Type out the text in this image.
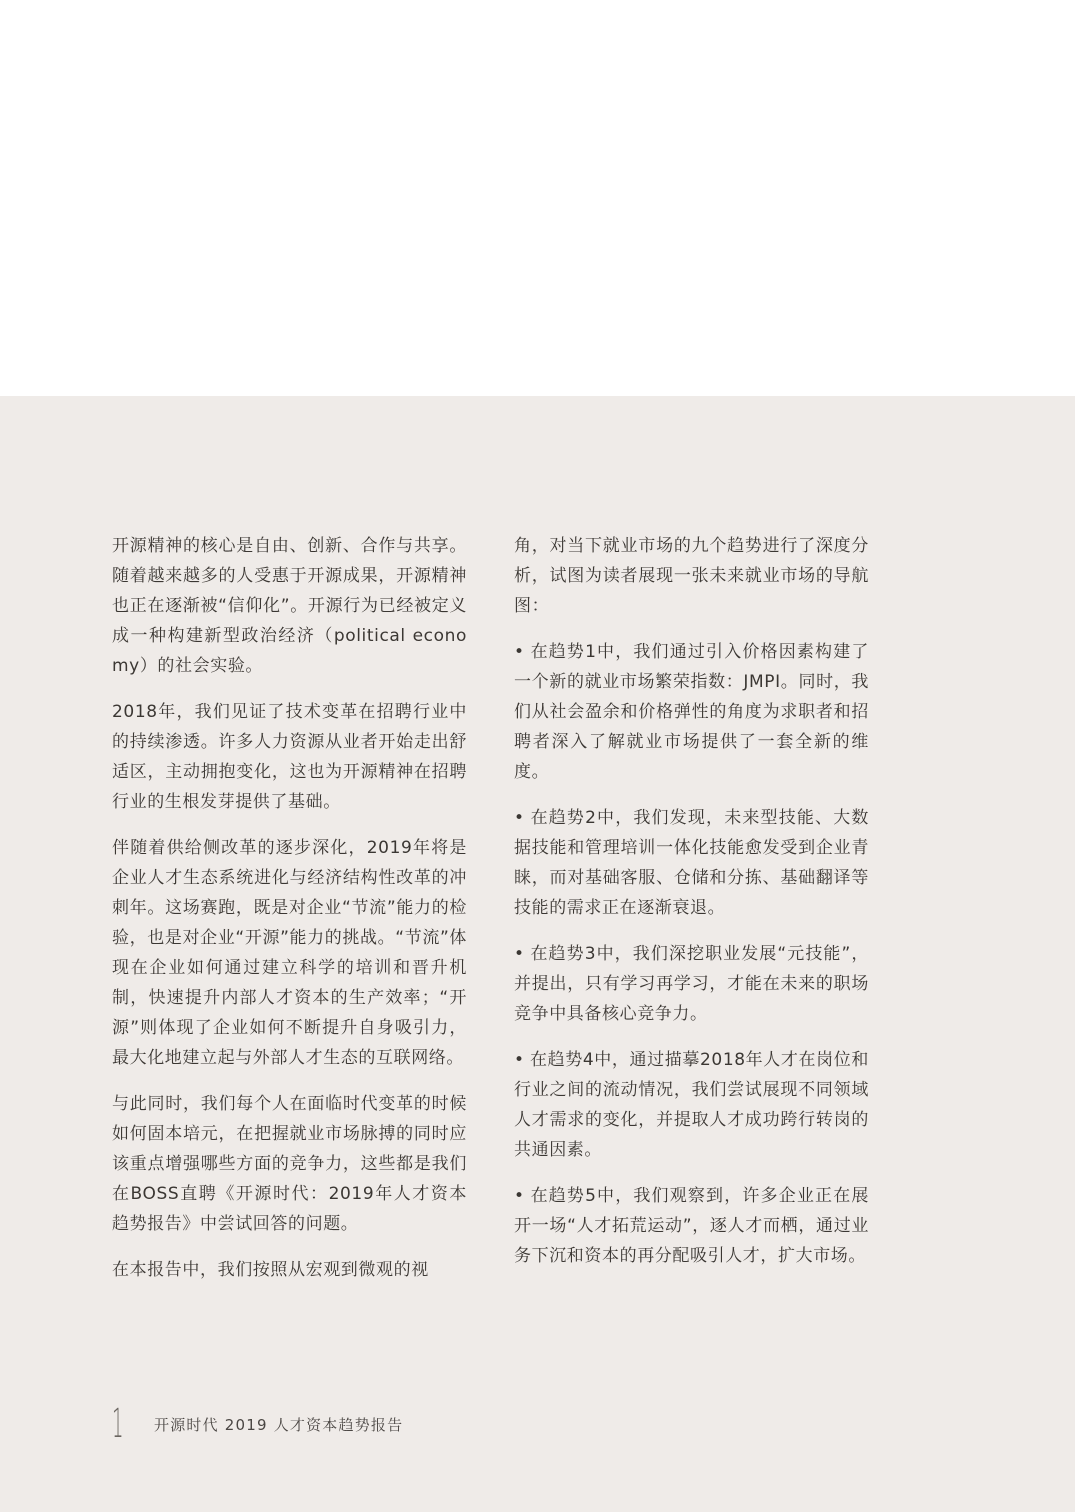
开源精神的核心是自由、创新、合作与共享。随着越来越多的人受惠于开源成果，开源精神也正在逐渐被“信仰化”。开源行为已经被定义成一种构建新型政治经济（political economy）的社会实验。

2018年，我们见证了技术变革在招聘行业中的持续渗透。许多人力资源从业者开始走出舒适区，主动拥抱变化，这也为开源精神在招聘行业的生根发芽提供了基础。

伴随着供给侧改革的逐步深化，2019年将是企业人才生态系统进化与经济结构性改革的冲刺年。这场赛跑，既是对企业“节流”能力的检验，也是对企业“开源”能力的挑战。“节流”体现在企业如何通过建立科学的培训和晋升机制，快速提升内部人才资本的生产效率；“开源”则体现了企业如何不断提升自身吸引力，最大化地建立起与外部人才生态的互联网络。

与此同时，我们每个人在面临时代变革的时候如何固本培元，在把握就业市场脉搏的同时应该重点增强哪些方面的竞争力，这些都是我们在BOSS直聘《开源时代：2019年人才资本趋势报告》中尝试回答的问题。

在本报告中，我们按照从宏观到微观的视

角，对当下就业市场的九个趋势进行了深度分析，试图为读者展现一张未来就业市场的导航图：

• 在趋势1中，我们通过引入价格因素构建了一个新的就业市场繁荣指数：JMPI。同时，我们从社会盈余和价格弹性的角度为求职者和招聘者深入了解就业市场提供了一套全新的维度。

• 在趋势2中，我们发现，未来型技能、大数据技能和管理培训一体化技能愈发受到企业青睐，而对基础客服、仓储和分拣、基础翻译等技能的需求正在逐渐衰退。

• 在趋势3中，我们深挖职业发展“元技能”，并提出，只有学习再学习，才能在未来的职场竞争中具备核心竞争力。

• 在趋势4中，通过描摹2018年人才在岗位和行业之间的流动情况，我们尝试展现不同领域人才需求的变化，并提取人才成功跨行转岗的共通因素。

• 在趋势5中，我们观察到，许多企业正在展开一场“人才拓荒运动”，逐人才而栖，通过业务下沉和资本的再分配吸引人才，扩大市场。

1 开源时代 2019 人才资本趋势报告
